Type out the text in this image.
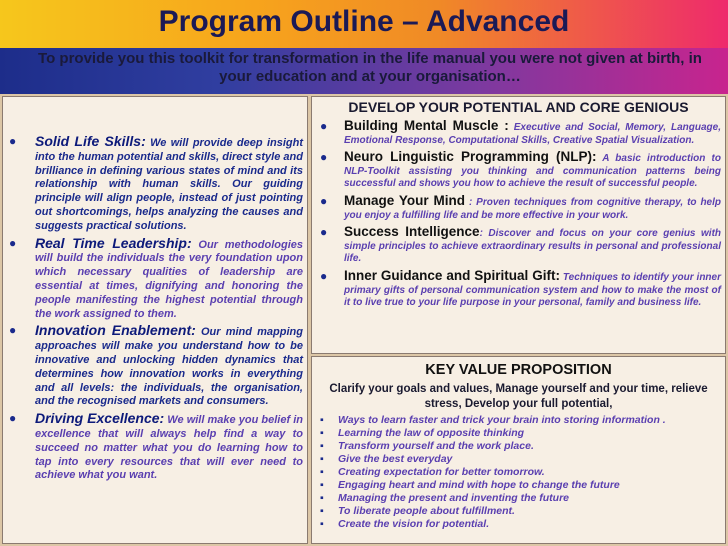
Program Outline – Advanced
To provide you this toolkit for transformation in the life manual you were not given at birth, in your education and at your organisation…
● Solid Life Skills: We will provide deep insight into the human potential and skills, direct style and brilliance in defining various states of mind and its relationship with human skills. Our guiding principle will align people, instead of just pointing out shortcomings, helps analyzing the causes and suggests practical solutions.
● Real Time Leadership: Our methodologies will build the individuals the very foundation upon which necessary qualities of leadership are essential at times, dignifying and honoring the people manifesting the highest potential through the work assigned to them.
● Innovation Enablement: Our mind mapping approaches will make you understand how to be innovative and unlocking hidden dynamics that determines how innovation works in everything and all levels: the individuals, the organisation, and the recognised markets and consumers.
● Driving Excellence: We will make you belief in excellence that will always help find a way to succeed no matter what you do learning how to tap into every resources that will ever need to achieve what you want.
DEVELOP YOUR POTENTIAL AND CORE GENIOUS
● Building Mental Muscle : Executive and Social, Memory, Language, Emotional Response, Computational Skills, Creative Spatial Visualization.
● Neuro Linguistic Programming (NLP): A basic introduction to NLP-Toolkit assisting you thinking and communication patterns being successful and shows you how to achieve the result of successful people.
● Manage Your Mind : Proven techniques from cognitive therapy, to help you enjoy a fulfilling life and be more effective in your work.
● Success Intelligence: Discover and focus on your core genius with simple principles to achieve extraordinary results in personal and professional life.
● Inner Guidance and Spiritual Gift: Techniques to identify your inner primary gifts of personal communication system and how to make the most of it to live true to your life purpose in your personal, family and business life.
KEY VALUE PROPOSITION
Clarify your goals and values, Manage yourself and your time, relieve stress, Develop your full potential,
▪ Ways to learn faster and trick your brain into storing information .
▪ Learning the law of opposite thinking
▪ Transform yourself and the work place.
▪ Give the best everyday
▪ Creating expectation for better tomorrow.
▪ Engaging heart and mind with hope to change the future
▪ Managing the present and inventing the future
▪ To liberate people about fulfillment.
▪ Create the vision for potential.
